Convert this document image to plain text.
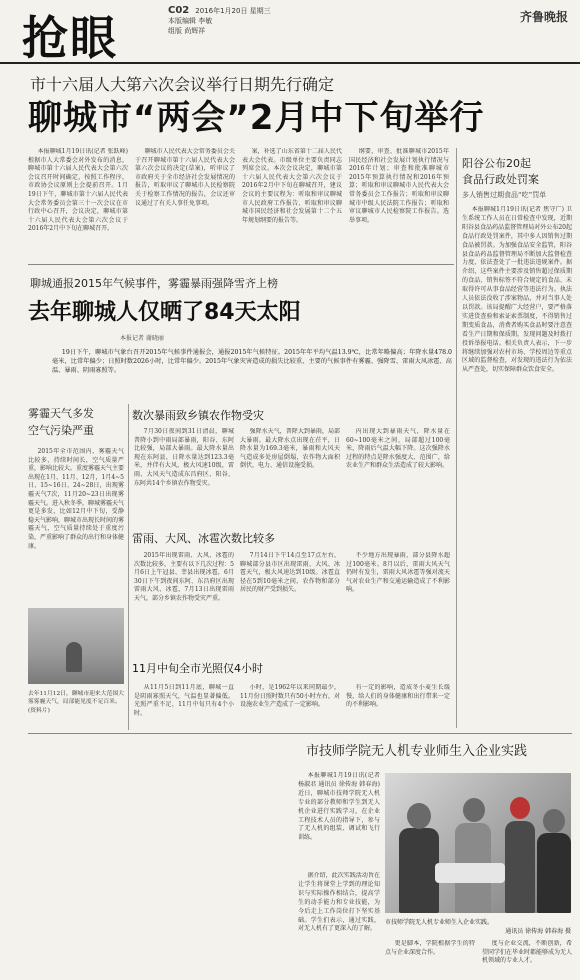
抢眼
C02 2016年1月20日 星期三
本版编辑 李敏
组版 尚辉祥
齐鲁晚报
市十六届人大第六次会议举行日期先行确定
聊城市“两会”2月中下旬举行

本报聊城1月19日讯(记者 张跃峰) 根据市人大常委会对外发布的消息，聊城市第十六届人民代表大会第六次会议召开时间确定，按照工作程序，市政协会议原则上会提前召开。1月19日下午，聊城市第十六届人民代表大会常务委员会第三十一次会议在市行政中心召开，会议决定，聊城市第十六届人民代表大会第六次会议于2016年2月中下旬在聊城召开。

聊城市人民代表大会常务委员会关于召开聊城市第十六届人民代表大会第六次会议的决定(草案)，听审议了市政府关于全市经济社会发展情况的报告，听取审议了聊城市人民检察院关于检察工作情况的报告，会议还审议通过了有关人事任免事项。

案，补选了山东省第十二届人民代表大会代表。市级单位主要负责同志列席会议。本次会议决定，聊城市第十六届人民代表大会第六次会议于2016年2月中下旬在聊城召开，建议会议的主要议程为：听取和审议聊城市人民政府工作报告、听取和审议聊城市国民经济和社会发展第十二个五年规划纲要的报告等。

纲要，审查、批准聊城市2015年国民经济和社会发展计划执行情况与2016年计划；审查和批准聊城市2015年预算执行情况和2016年预算；听取和审议聊城市人民代表大会常务委员会工作报告；听取和审议聊城市中级人民法院工作报告；听取和审议聊城市人民检察院工作报告。选举事项。

阳谷公布20起
食品行政处罚案
多人销售过期食品“吃”罚单

本报聊城1月19日讯(记者 焦守广) 卫生系统工作人员在日常检查中发现，近期阳谷县食品药品监督管理局对外公布20起食品行政处罚案件，其中多人因销售过期食品被罚款。为加强食品安全监管，阳谷县食品药品监督管理局不断加大监督检查力度，依法查处了一批违法违规案件。据介绍，这些案件主要涉及销售超过保质期的食品、销售标签不符合规定的食品、未取得许可从事食品经营等违法行为。执法人员依法没收了涉案物品，并对当事人处以罚款。该局提醒广大经营户，要严格落实进货查验和索证索票制度，不得销售过期变质食品，消费者购买食品时要注意查看生产日期和保质期，发现问题及时拨打投诉举报电话。相关负责人表示，下一步将继续加强对农村市场、学校周边等重点区域的监督检查，对发现的违法行为依法从严查处，切实保障群众饮食安全。

聊城通报2015年气候事件，雾霾暴雨强降雪齐上榜
去年聊城人仅晒了84天太阳
本报记者 谢晓丽

19日下午，聊城市气象台召开2015年气候事件通报会，通报2015年气候特征。2015年年平均气温13.9℃，比常年略偏高；年降水量478.0毫米，比常年偏少；日照时数2026小时，比常年偏少。2015年气象灾害造成的损失比较重，主要的气候事件有雾霾、强降雪、雷雨大风冰雹、高温、暴雨、阴雨寡照等。

雾霾天气多发
空气污染严重

2015年全市范围内，雾霾天气比较多，持续时间长，空气质量严重，影响比较大。重度雾霾天气主要出现在1月、11月、12月，1月4~5日、15~16日、24~28日，出现雾霾天气7次，11月20~23日出现雾霾天气。进入秋冬季，聊城雾霾天气更是多发，比如12月中下旬，受静稳天气影响，聊城市出现长时间的雾霾天气，空气质量持续处于重度污染，严重影响了群众的出行和身体健康。

去年11月12日，聊城市迎来大范围大雾雾霾天气，局部能见度不足百米。(资料片)
数次暴雨致乡镇农作物受灾

7月30日夜间到31日清晨，聊城普降小到中雨局部暴雨，阳谷、东阿比较强，局部大暴雨。最大降水量出现在东阿县，日降水量达到123.3毫米，并伴有大风，极大风速10级，雷雨、大风天气造成东昌府区、阳谷、东阿共14个乡镇农作物受灾。

强降水天气，普降大到暴雨，局部大暴雨。最大降水点出现在茌平，日降水量为169.3毫米，暴雨和大风天气造成多处房屋倒塌，农作物大面积倒伏，电力、通信设施受损。

内出现大到暴雨天气，降水量在60~100毫米之间，局部超过100毫米，降雨后气温大幅下降。这次强降水过程的特点是降水强度大、范围广，给农业生产和群众生活造成了较大影响。

雷雨、大风、冰雹次数比较多

2015年出现雷雨、大风、冰雹的次数比较多，主要有以下几次过程：5月6日上午冠县、莘县出现冰雹，6月30日下午到夜间东阿、东昌府区出现雷雨大风、冰雹，7月13日出现雷雨天气，部分乡镇农作物受灾严重。

7月14日下午14点至17点左右，聊城部分县市区出现雷雨、大风、冰雹天气，极大风速达到10级。冰雹直径在5到10毫米之间，农作物和部分居民的财产受到损失。

不少地方出现暴雨，部分县降水超过100毫米。8月以后，雷雨大风天气仍时有发生，雷雨大风冰雹等强对流天气对农业生产和交通运输造成了不利影响。

11月中旬全市光照仅4小时

从11月5日到11月底，聊城一直是阴雨寡照天气，气温也显著偏低。光照严重不足，11月中旬只有4个小时。

小时，是1962年以来同期最少，11月份日照时数只有50小时左右，对设施农业生产造成了一定影响。

有一定的影响，造成冬小麦生长缓慢，给人们的身体健康和出行带来一定的不利影响。

市技师学院无人机专业师生入企业实践

本报聊城1月19日讯(记者 杨淑君 通讯员 徐传海 韩春海) 近日，聊城市技师学院无人机专业的部分教师和学生到无人机企业进行实践学习，在企业工程技术人员的指导下，参与了无人机的组装、调试和飞行训练。

据介绍，此次实践活动旨在让学生将课堂上学到的理论知识与实际操作相结合，提高学生的动手能力和专业技能，为今后走上工作岗位打下坚实基础。学生们表示，通过实践，对无人机有了更深入的了解。

市技师学院无人机专业师生入企业实践。
通讯员 徐传海 韩春海 摄

更是脚本，学院根据学生的特点与企业深度合作。

度与企业交流，不断创新，希望同学们在毕业时都能够成为无人机领域的专业人才。
